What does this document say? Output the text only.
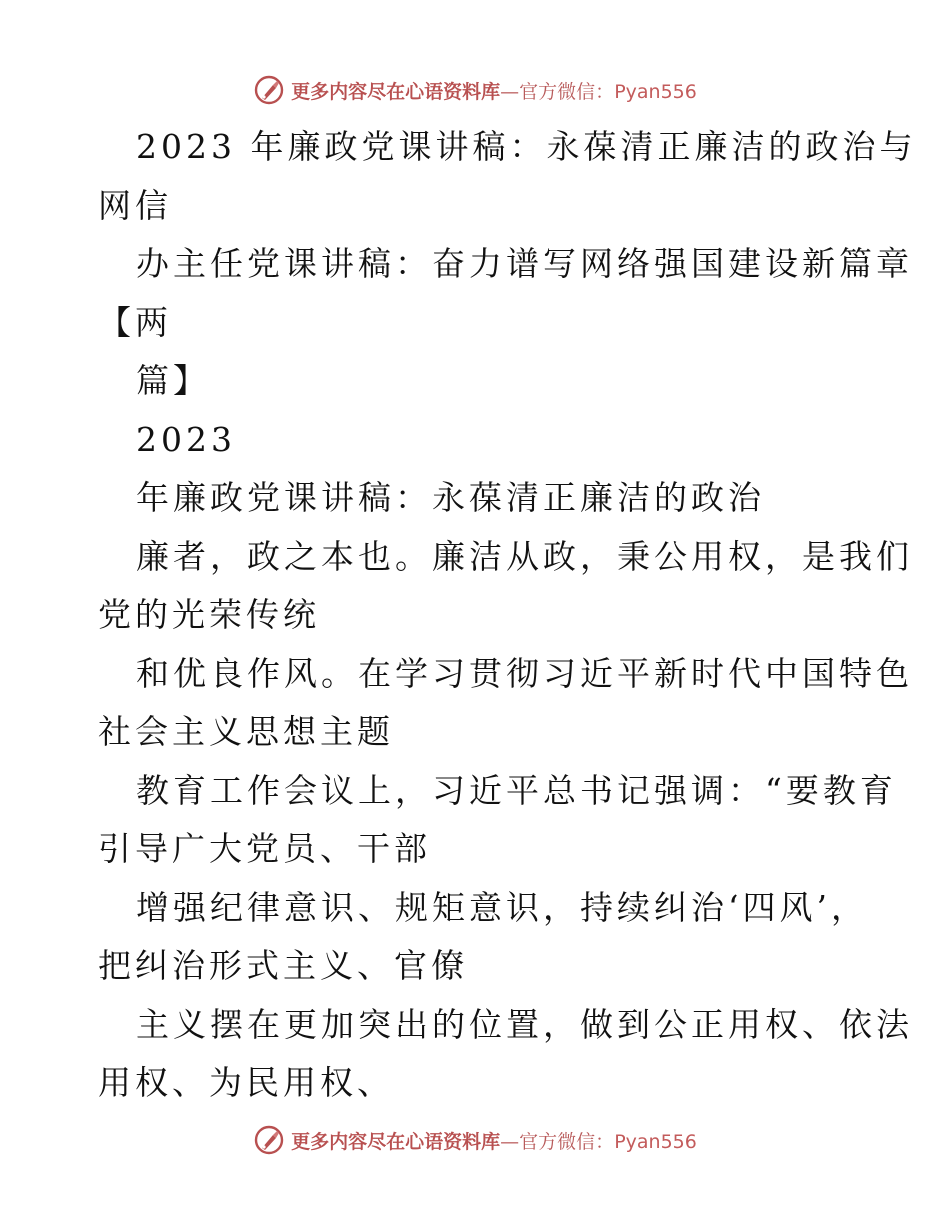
更多内容尽在心语资料库—官方微信：Pyan556
2023 年廉政党课讲稿：永葆清正廉洁的政治与
网信
办主任党课讲稿：奋力谱写网络强国建设新篇章
【两
篇】
2023
年廉政党课讲稿：永葆清正廉洁的政治
廉者，政之本也。廉洁从政，秉公用权，是我们
党的光荣传统
和优良作风。在学习贯彻习近平新时代中国特色
社会主义思想主题
教育工作会议上，习近平总书记强调：“要教育
引导广大党员、干部
增强纪律意识、规矩意识，持续纠治‘四风’，
把纠治形式主义、官僚
主义摆在更加突出的位置，做到公正用权、依法
用权、为民用权、
更多内容尽在心语资料库—官方微信：Pyan556
